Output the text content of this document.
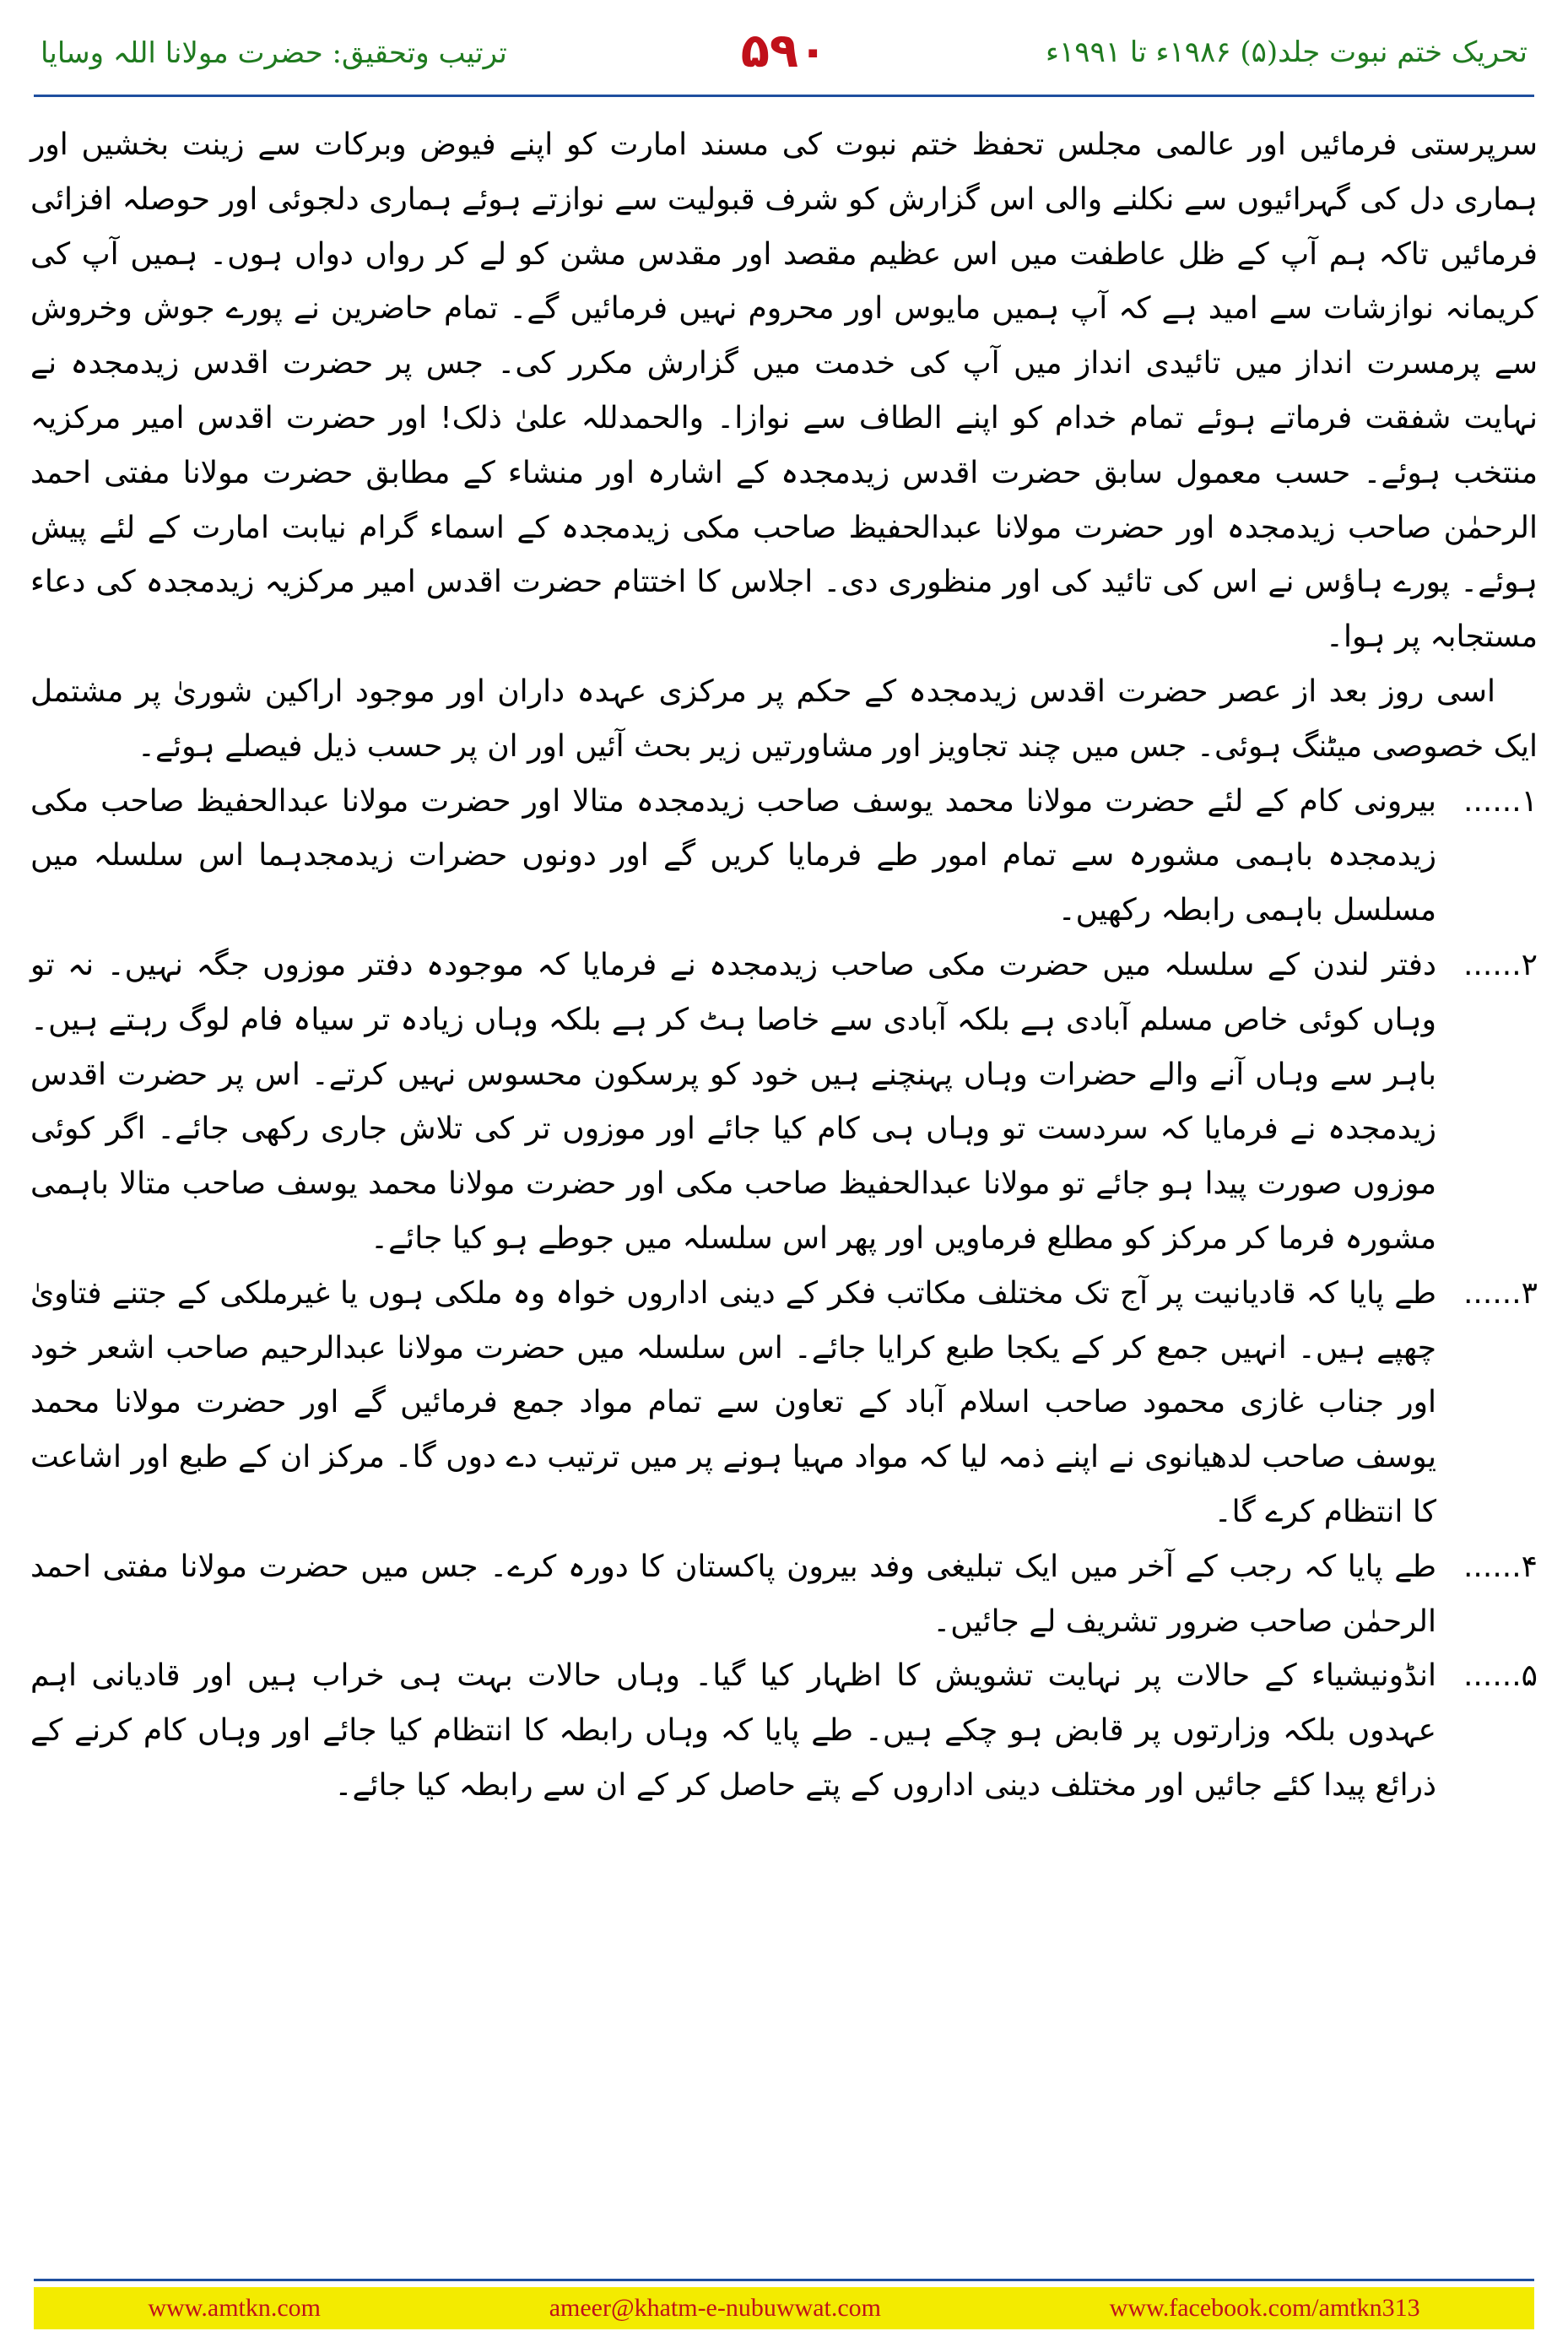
تحریک ختم نبوت جلد(۵) ۱۹۸۶ء تا ۱۹۹۱ء
۵۹۰
ترتیب وتحقیق: حضرت مولانا اللہ وسایا

سرپرستی فرمائیں اور عالمی مجلس تحفظ ختم نبوت کی مسند امارت کو اپنے فیوض وبرکات سے زینت بخشیں اور ہماری دل کی گہرائیوں سے نکلنے والی اس گزارش کو شرف قبولیت سے نوازتے ہوئے ہماری دلجوئی اور حوصلہ افزائی فرمائیں تاکہ ہم آپ کے ظل عاطفت میں اس عظیم مقصد اور مقدس مشن کو لے کر رواں دواں ہوں۔ ہمیں آپ کی کریمانہ نوازشات سے امید ہے کہ آپ ہمیں مایوس اور محروم نہیں فرمائیں گے۔ تمام حاضرین نے پورے جوش وخروش سے پرمسرت انداز میں تائیدی انداز میں آپ کی خدمت میں گزارش مکرر کی۔ جس پر حضرت اقدس زیدمجدہ نے نہایت شفقت فرماتے ہوئے تمام خدام کو اپنے الطاف سے نوازا۔ والحمدللہ علیٰ ذلک! اور حضرت اقدس امیر مرکزیہ منتخب ہوئے۔ حسب معمول سابق حضرت اقدس زیدمجدہ کے اشارہ اور منشاء کے مطابق حضرت مولانا مفتی احمد الرحمٰن صاحب زیدمجدہ اور حضرت مولانا عبدالحفیظ صاحب مکی زیدمجدہ کے اسماء گرام نیابت امارت کے لئے پیش ہوئے۔ پورے ہاؤس نے اس کی تائید کی اور منظوری دی۔ اجلاس کا اختتام حضرت اقدس امیر مرکزیہ زیدمجدہ کی دعاء مستجابہ پر ہوا۔

اسی روز بعد از عصر حضرت اقدس زیدمجدہ کے حکم پر مرکزی عہدہ داران اور موجود اراکین شوریٰ پر مشتمل ایک خصوصی میٹنگ ہوئی۔ جس میں چند تجاویز اور مشاورتیں زیر بحث آئیں اور ان پر حسب ذیل فیصلے ہوئے۔

۱......
بیرونی کام کے لئے حضرت مولانا محمد یوسف صاحب زیدمجدہ متالا اور حضرت مولانا عبدالحفیظ صاحب مکی زیدمجدہ باہمی مشورہ سے تمام امور طے فرمایا کریں گے اور دونوں حضرات زیدمجدہما اس سلسلہ میں مسلسل باہمی رابطہ رکھیں۔
۲......
دفتر لندن کے سلسلہ میں حضرت مکی صاحب زیدمجدہ نے فرمایا کہ موجودہ دفتر موزوں جگہ نہیں۔ نہ تو وہاں کوئی خاص مسلم آبادی ہے بلکہ آبادی سے خاصا ہٹ کر ہے بلکہ وہاں زیادہ تر سیاہ فام لوگ رہتے ہیں۔ باہر سے وہاں آنے والے حضرات وہاں پہنچنے ہیں خود کو پرسکون محسوس نہیں کرتے۔ اس پر حضرت اقدس زیدمجدہ نے فرمایا کہ سردست تو وہاں ہی کام کیا جائے اور موزوں تر کی تلاش جاری رکھی جائے۔ اگر کوئی موزوں صورت پیدا ہو جائے تو مولانا عبدالحفیظ صاحب مکی اور حضرت مولانا محمد یوسف صاحب متالا باہمی مشورہ فرما کر مرکز کو مطلع فرماویں اور پھر اس سلسلہ میں جوطے ہو کیا جائے۔
۳......
طے پایا کہ قادیانیت پر آج تک مختلف مکاتب فکر کے دینی اداروں خواہ وہ ملکی ہوں یا غیرملکی کے جتنے فتاویٰ چھپے ہیں۔ انہیں جمع کر کے یکجا طبع کرایا جائے۔ اس سلسلہ میں حضرت مولانا عبدالرحیم صاحب اشعر خود اور جناب غازی محمود صاحب اسلام آباد کے تعاون سے تمام مواد جمع فرمائیں گے اور حضرت مولانا محمد یوسف صاحب لدھیانوی نے اپنے ذمہ لیا کہ مواد مہیا ہونے پر میں ترتیب دے دوں گا۔ مرکز ان کے طبع اور اشاعت کا انتظام کرے گا۔
۴......
طے پایا کہ رجب کے آخر میں ایک تبلیغی وفد بیرون پاکستان کا دورہ کرے۔ جس میں حضرت مولانا مفتی احمد الرحمٰن صاحب ضرور تشریف لے جائیں۔
۵......
انڈونیشیاء کے حالات پر نہایت تشویش کا اظہار کیا گیا۔ وہاں حالات بہت ہی خراب ہیں اور قادیانی اہم عہدوں بلکہ وزارتوں پر قابض ہو چکے ہیں۔ طے پایا کہ وہاں رابطہ کا انتظام کیا جائے اور وہاں کام کرنے کے ذرائع پیدا کئے جائیں اور مختلف دینی اداروں کے پتے حاصل کر کے ان سے رابطہ کیا جائے۔
www.amtkn.com	ameer@khatm-e-nubuwwat.com	www.facebook.com/amtkn313
